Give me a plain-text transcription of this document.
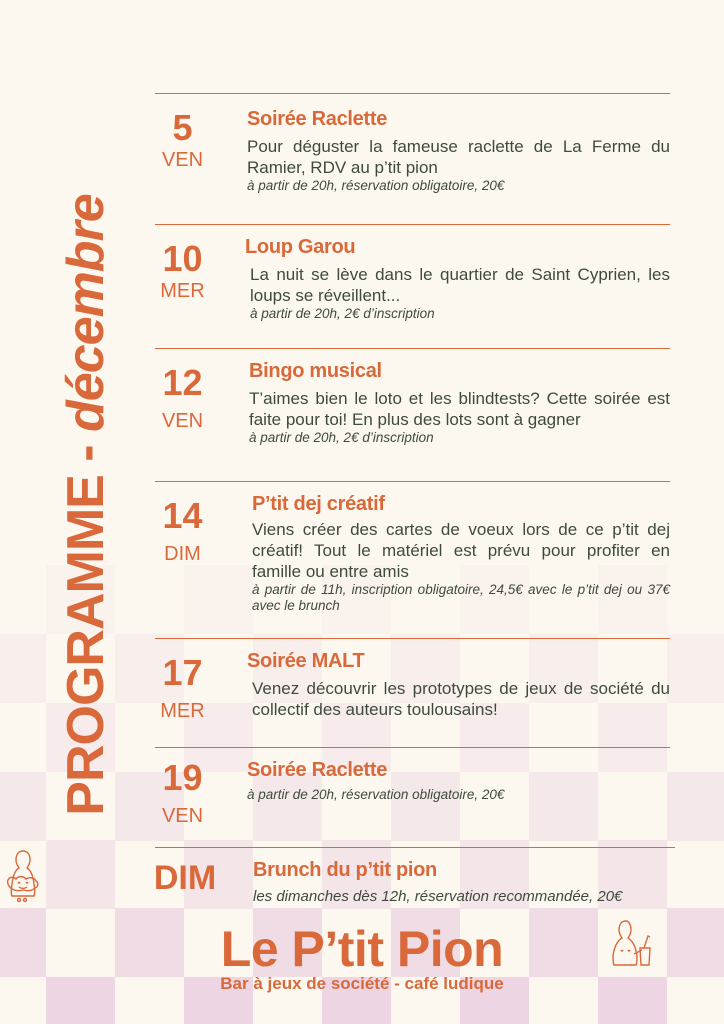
PROGRAMME - décembre
5
VEN
Soirée Raclette
Pour déguster la fameuse raclette de La Ferme du Ramier, RDV au p’tit pion
à partir de 20h, réservation obligatoire, 20€
10
MER
Loup Garou
La nuit se lève dans le quartier de Saint Cyprien, les loups se réveillent...
à partir de 20h, 2€ d’inscription
12
VEN
Bingo musical
T’aimes bien le loto et les blindtests? Cette soirée est faite pour toi! En plus des lots sont à gagner
à partir de 20h, 2€ d’inscription
14
DIM
P’tit dej créatif
Viens créer des cartes de voeux lors de ce p’tit dej créatif! Tout le matériel est prévu pour profiter en famille ou entre amis
à partir de 11h, inscription obligatoire, 24,5€ avec le p’tit dej ou 37€ avec le brunch
17
MER
Soirée MALT
Venez découvrir les prototypes de jeux de société du collectif des auteurs toulousains!
19
VEN
Soirée Raclette
à partir de 20h, réservation obligatoire, 20€
DIM Brunch du p’tit pion
les dimanches dès 12h, réservation recommandée, 20€
Le P’tit Pion
Bar à jeux de société - café ludique
